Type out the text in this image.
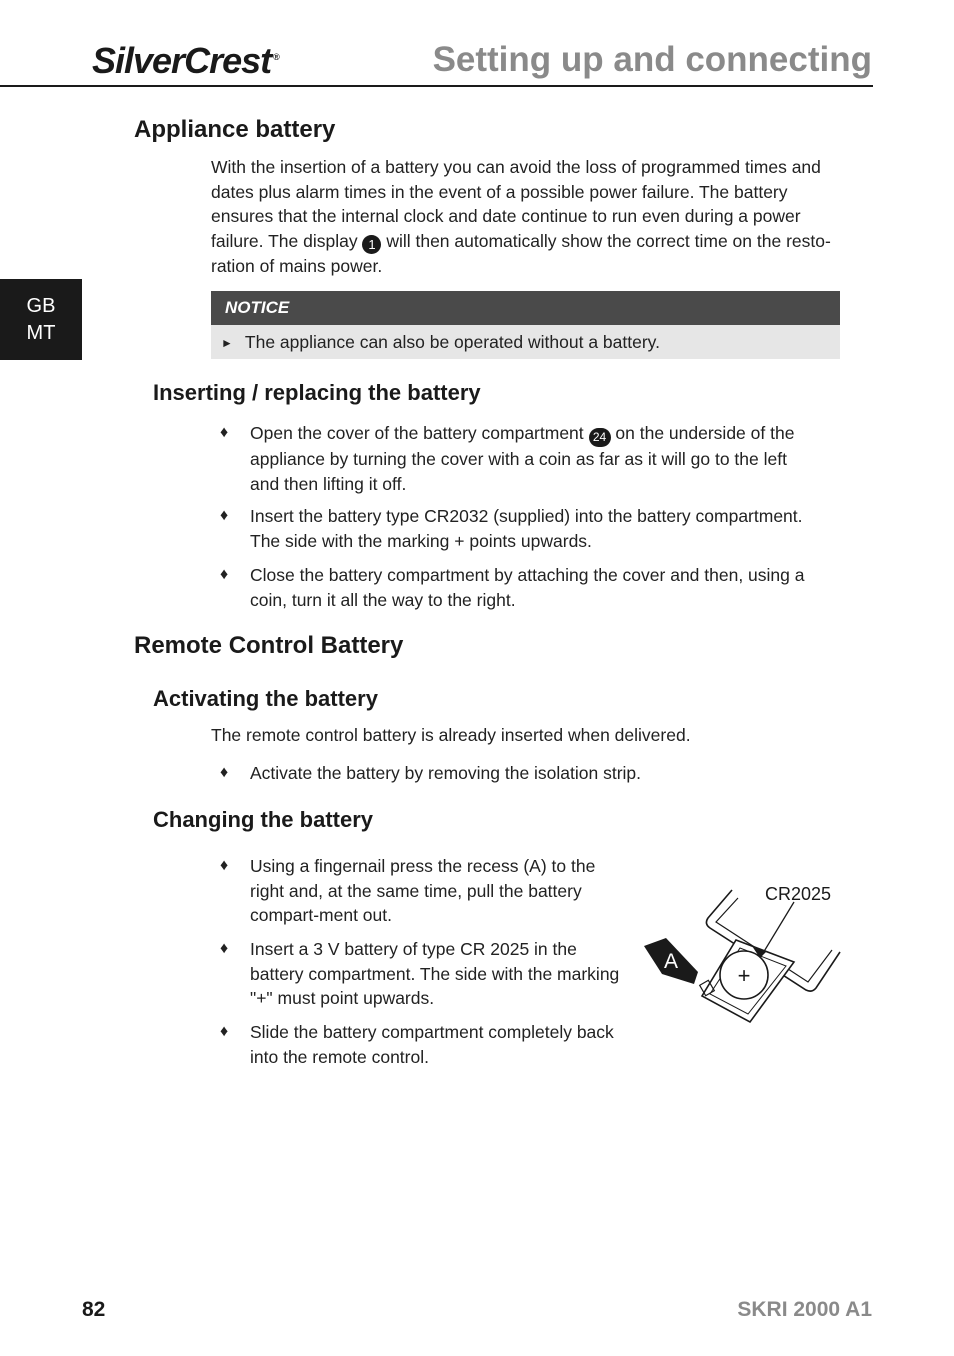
SilverCrest ®	Setting up and connecting
GB
MT
Appliance battery

With the insertion of a battery you can avoid the loss of programmed times and dates plus alarm times in the event of a possible power failure. The battery ensures that the internal clock and date continue to run even during a power failure. The display 1 will then automatically show the correct time on the resto-ration of mains power.

NOTICE
► The appliance can also be operated without a battery.
Inserting / replacing the battery
♦ Open the cover of the battery compartment 24 on the underside of the appliance by turning the cover with a coin as far as it will go to the left and then lifting it off.

♦ Insert the battery type CR2032 (supplied) into the battery compartment. The side with the marking + points upwards.

♦ Close the battery compartment by attaching the cover and then, using a coin, turn it all the way to the right.

Remote Control Battery
Activating the battery

The remote control battery is already inserted when delivered.

♦ Activate the battery by removing the isolation strip.

Changing the battery
♦ Using a fingernail press the recess (A) to the right and, at the same time, pull the battery compart-ment out.

♦ Insert a 3 V battery of type CR 2025 in the battery compartment. The side with the marking "+" must point upwards.

♦ Slide the battery compartment completely back into the remote control.

+
CR2025
A
82	SKRI 2000 A1
